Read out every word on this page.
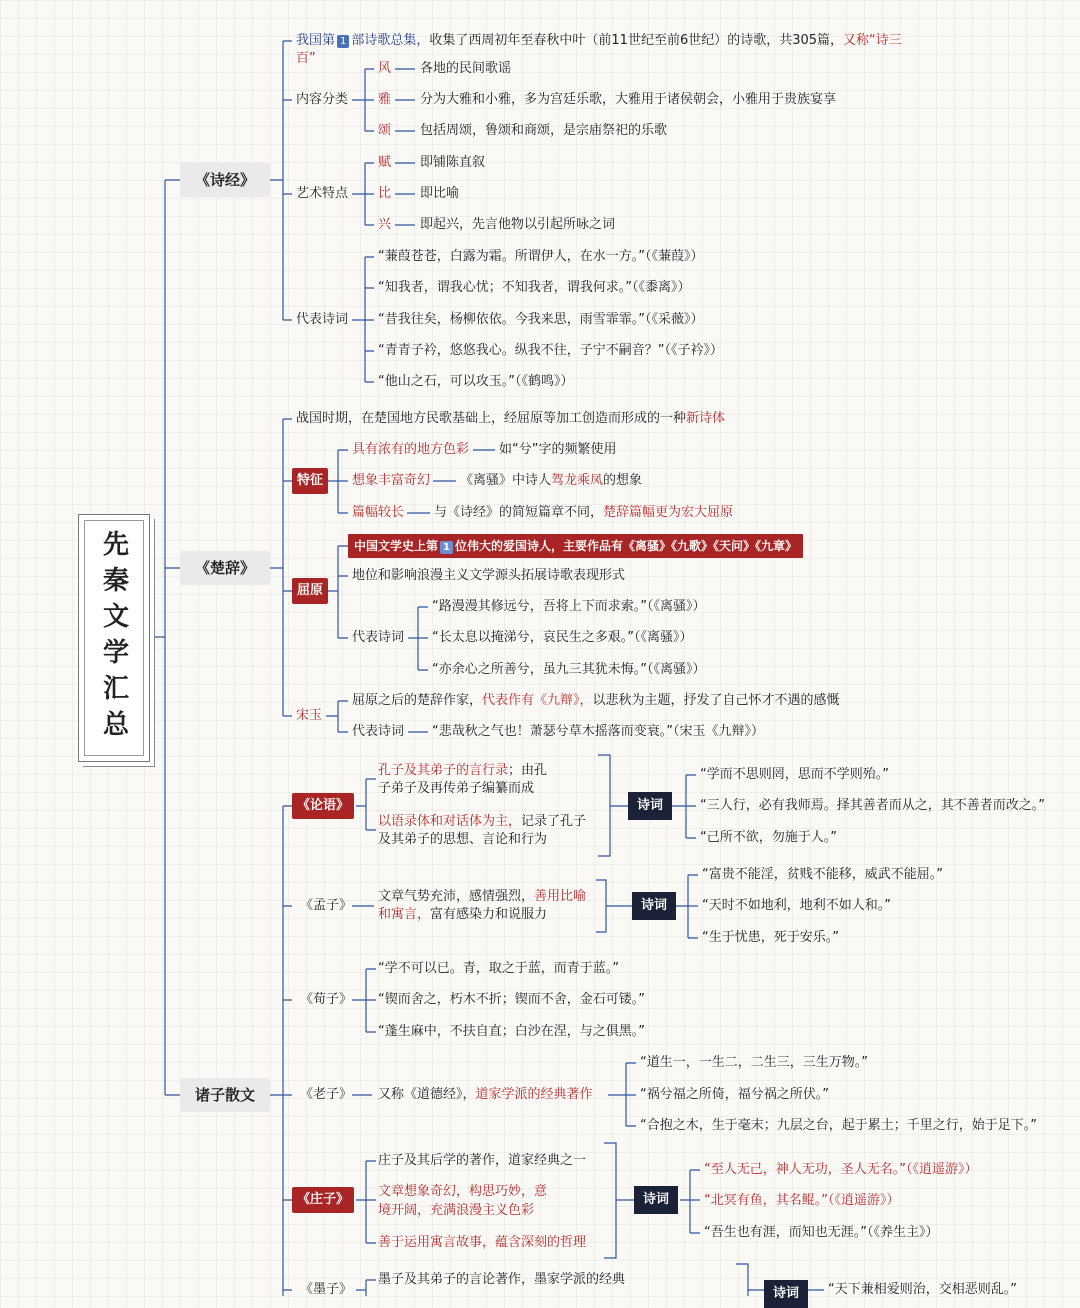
先秦文学汇总
《诗经》
我国第 1 部诗歌总集，收集了西周初年至春秋中叶（前11世纪至前6世纪）的诗歌，共305篇，又称“诗三百”
内容分类
风 各地的民间歌谣
雅 分为大雅和小雅，多为宫廷乐歌，大雅用于诸侯朝会，小雅用于贵族宴享
颂 包括周颂，鲁颂和商颂，是宗庙祭祀的乐歌
艺术特点
赋 即铺陈直叙
比 即比喻
兴 即起兴，先言他物以引起所咏之词
代表诗词
“蒹葭苍苍，白露为霜。所谓伊人，在水一方。”（《蒹葭》）
“知我者，谓我心忧；不知我者，谓我何求。”（《黍离》）
“昔我往矣，杨柳依依。今我来思，雨雪霏霏。”（《采薇》）
“青青子衿，悠悠我心。纵我不往，子宁不嗣音？”（《子衿》）
“他山之石，可以攻玉。”（《鹤鸣》）
《楚辞》
战国时期，在楚国地方民歌基础上，经屈原等加工创造而形成的一种新诗体
特征
具有浓有的地方色彩 如“兮”字的频繁使用
想象丰富奇幻 《离骚》中诗人驾龙乘凤的想象
篇幅较长 与《诗经》的简短篇章不同，楚辞篇幅更为宏大屈原
屈原
中国文学史上第 1 位伟大的爱国诗人，主要作品有《离骚》《九歌》《天问》《九章》
地位和影响浪漫主义文学源头拓展诗歌表现形式
代表诗词
“路漫漫其修远兮，吾将上下而求索。”（《离骚》）
“长太息以掩涕兮，哀民生之多艰。”（《离骚》）
“亦余心之所善兮，虽九三其犹未悔。”（《离骚》）
宋玉
屈原之后的楚辞作家，代表作有《九辩》，以悲秋为主题，抒发了自己怀才不遇的感慨
代表诗词 “悲哉秋之气也！萧瑟兮草木摇落而变衰。”（宋玉《九辩》）
诸子散文
《论语》
孔子及其弟子的言行录；由孔子弟子及再传弟子编纂而成
以语录体和对话体为主，记录了孔子及其弟子的思想、言论和行为
诗词
“学而不思则罔，思而不学则殆。”
“三人行，必有我师焉。择其善者而从之，其不善者而改之。”
“己所不欲，勿施于人。”
《孟子》
文章气势充沛，感情强烈，善用比喻和寓言，富有感染力和说服力
诗词
“富贵不能淫，贫贱不能移，威武不能屈。”
“天时不如地利，地利不如人和。”
“生于忧患，死于安乐。”
《荀子》
“学不可以已。青，取之于蓝，而青于蓝。”
“锲而舍之，朽木不折；锲而不舍，金石可镂。”
“蓬生麻中，不扶自直；白沙在涅，与之俱黑。”
《老子》 又称《道德经》，道家学派的经典著作
“道生一，一生二，二生三，三生万物。”
“祸兮福之所倚，福兮祸之所伏。”
“合抱之木，生于毫末；九层之台，起于累土；千里之行，始于足下。”
《庄子》
庄子及其后学的著作，道家经典之一
文章想象奇幻，构思巧妙，意
境开阔，充满浪漫主义色彩
善于运用寓言故事，蕴含深刻的哲理
诗词
“至人无己，神人无功，圣人无名。”（《逍遥游》）
“北冥有鱼，其名鲲。”（《逍遥游》）
“吾生也有涯，而知也无涯。”（《养生主》）
《墨子》
墨子及其弟子的言论著作，墨家学派的经典
诗词	“天下兼相爱则治，交相恶则乱。”
